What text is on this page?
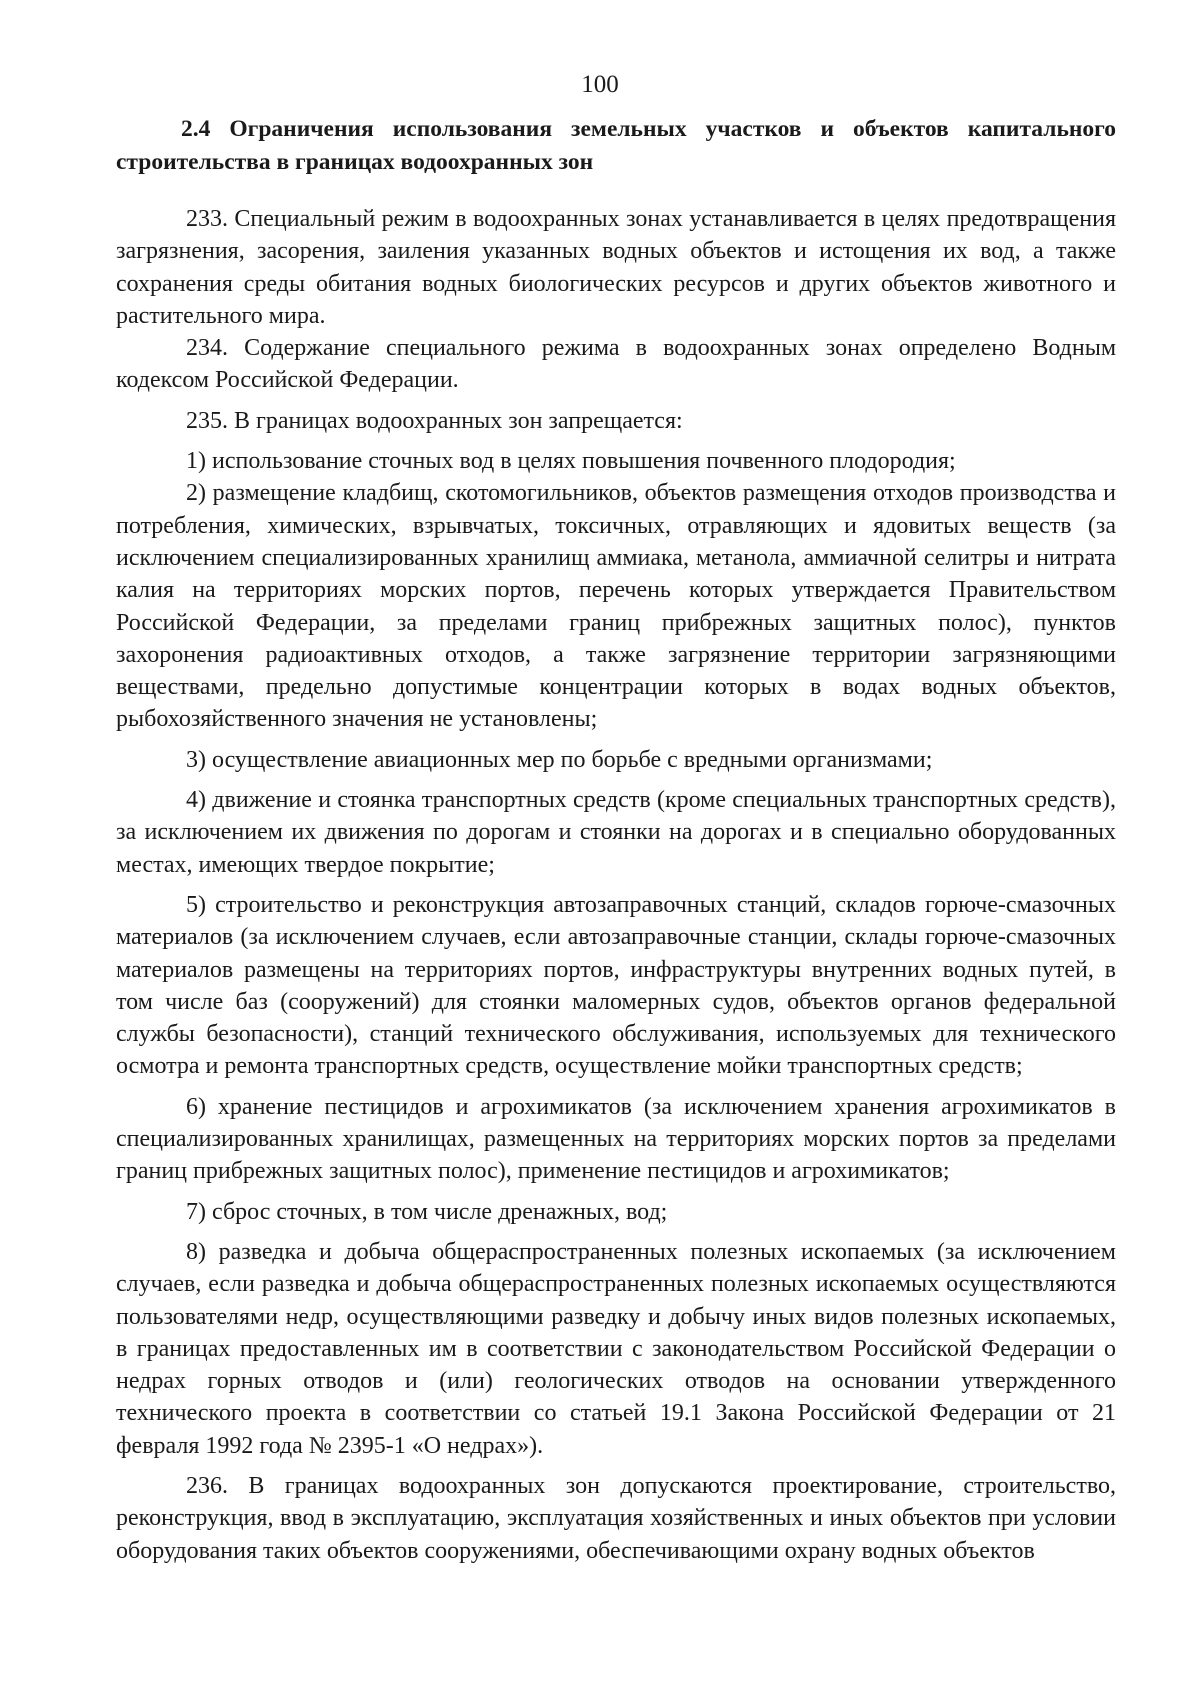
100

2.4 Ограничения использования земельных участков и объектов капитального строительства в границах водоохранных зон

233. Специальный режим в водоохранных зонах устанавливается в целях предотвращения загрязнения, засорения, заиления указанных водных объектов и истощения их вод, а также сохранения среды обитания водных биологических ресурсов и других объектов животного и растительного мира.

234. Содержание специального режима в водоохранных зонах определено Водным кодексом Российской Федерации.

235. В границах водоохранных зон запрещается:

1) использование сточных вод в целях повышения почвенного плодородия;

2) размещение кладбищ, скотомогильников, объектов размещения отходов производства и потребления, химических, взрывчатых, токсичных, отравляющих и ядовитых веществ (за исключением специализированных хранилищ аммиака, метанола, аммиачной селитры и нитрата калия на территориях морских портов, перечень которых утверждается Правительством Российской Федерации, за пределами границ прибрежных защитных полос), пунктов захоронения радиоактивных отходов, а также загрязнение территории загрязняющими веществами, предельно допустимые концентрации которых в водах водных объектов, рыбохозяйственного значения не установлены;

3) осуществление авиационных мер по борьбе с вредными организмами;

4) движение и стоянка транспортных средств (кроме специальных транспортных средств), за исключением их движения по дорогам и стоянки на дорогах и в специально оборудованных местах, имеющих твердое покрытие;

5) строительство и реконструкция автозаправочных станций, складов горюче-смазочных материалов (за исключением случаев, если автозаправочные станции, склады горюче-смазочных материалов размещены на территориях портов, инфраструктуры внутренних водных путей, в том числе баз (сооружений) для стоянки маломерных судов, объектов органов федеральной службы безопасности), станций технического обслуживания, используемых для технического осмотра и ремонта транспортных средств, осуществление мойки транспортных средств;

6) хранение пестицидов и агрохимикатов (за исключением хранения агрохимикатов в специализированных хранилищах, размещенных на территориях морских портов за пределами границ прибрежных защитных полос), применение пестицидов и агрохимикатов;

7) сброс сточных, в том числе дренажных, вод;

8) разведка и добыча общераспространенных полезных ископаемых (за исключением случаев, если разведка и добыча общераспространенных полезных ископаемых осуществляются пользователями недр, осуществляющими разведку и добычу иных видов полезных ископаемых, в границах предоставленных им в соответствии с законодательством Российской Федерации о недрах горных отводов и (или) геологических отводов на основании утвержденного технического проекта в соответствии со статьей 19.1 Закона Российской Федерации от 21 февраля 1992 года № 2395-1 «О недрах»).

236. В границах водоохранных зон допускаются проектирование, строительство, реконструкция, ввод в эксплуатацию, эксплуатация хозяйственных и иных объектов при условии оборудования таких объектов сооружениями, обеспечивающими охрану водных объектов
